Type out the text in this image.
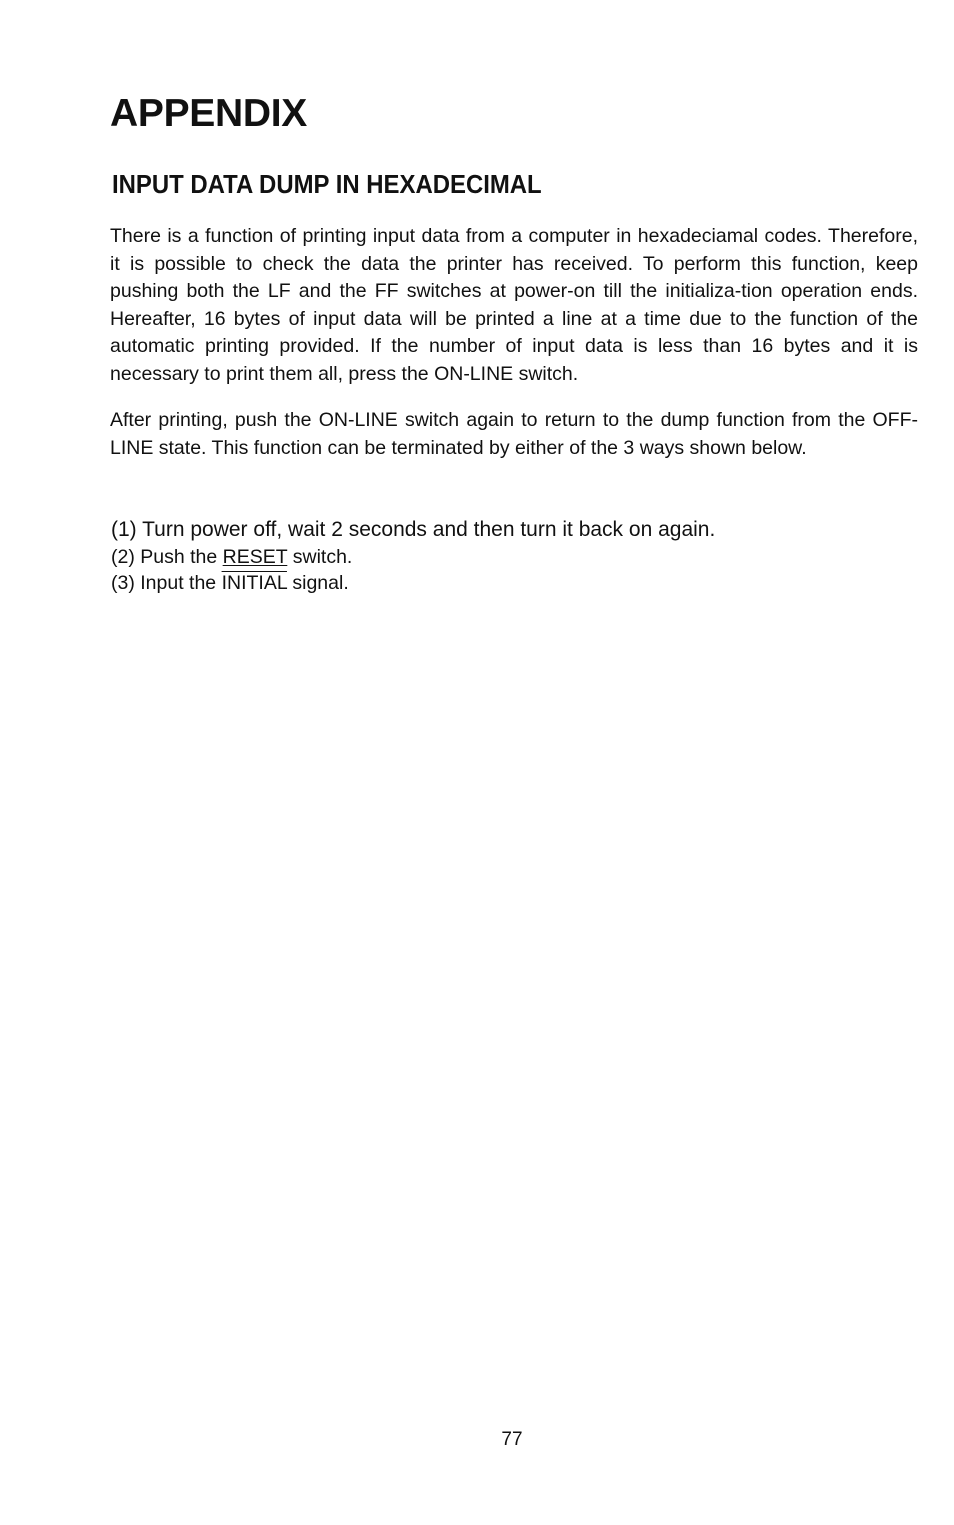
APPENDIX
INPUT DATA DUMP IN HEXADECIMAL

There is a function of printing input data from a computer in hexadeciamal codes. Therefore, it is possible to check the data the printer has received. To perform this function, keep pushing both the LF and the FF switches at power-on till the initializa-tion operation ends. Hereafter, 16 bytes of input data will be printed a line at a time due to the function of the automatic printing provided. If the number of input data is less than 16 bytes and it is necessary to print them all, press the ON-LINE switch.

After printing, push the ON-LINE switch again to return to the dump function from the OFF-LINE state. This function can be terminated by either of the 3 ways shown below.

(1) Turn power off, wait 2 seconds and then turn it back on again.
(2) Push the RESET switch.
(3) Input the INITIAL signal.
77
